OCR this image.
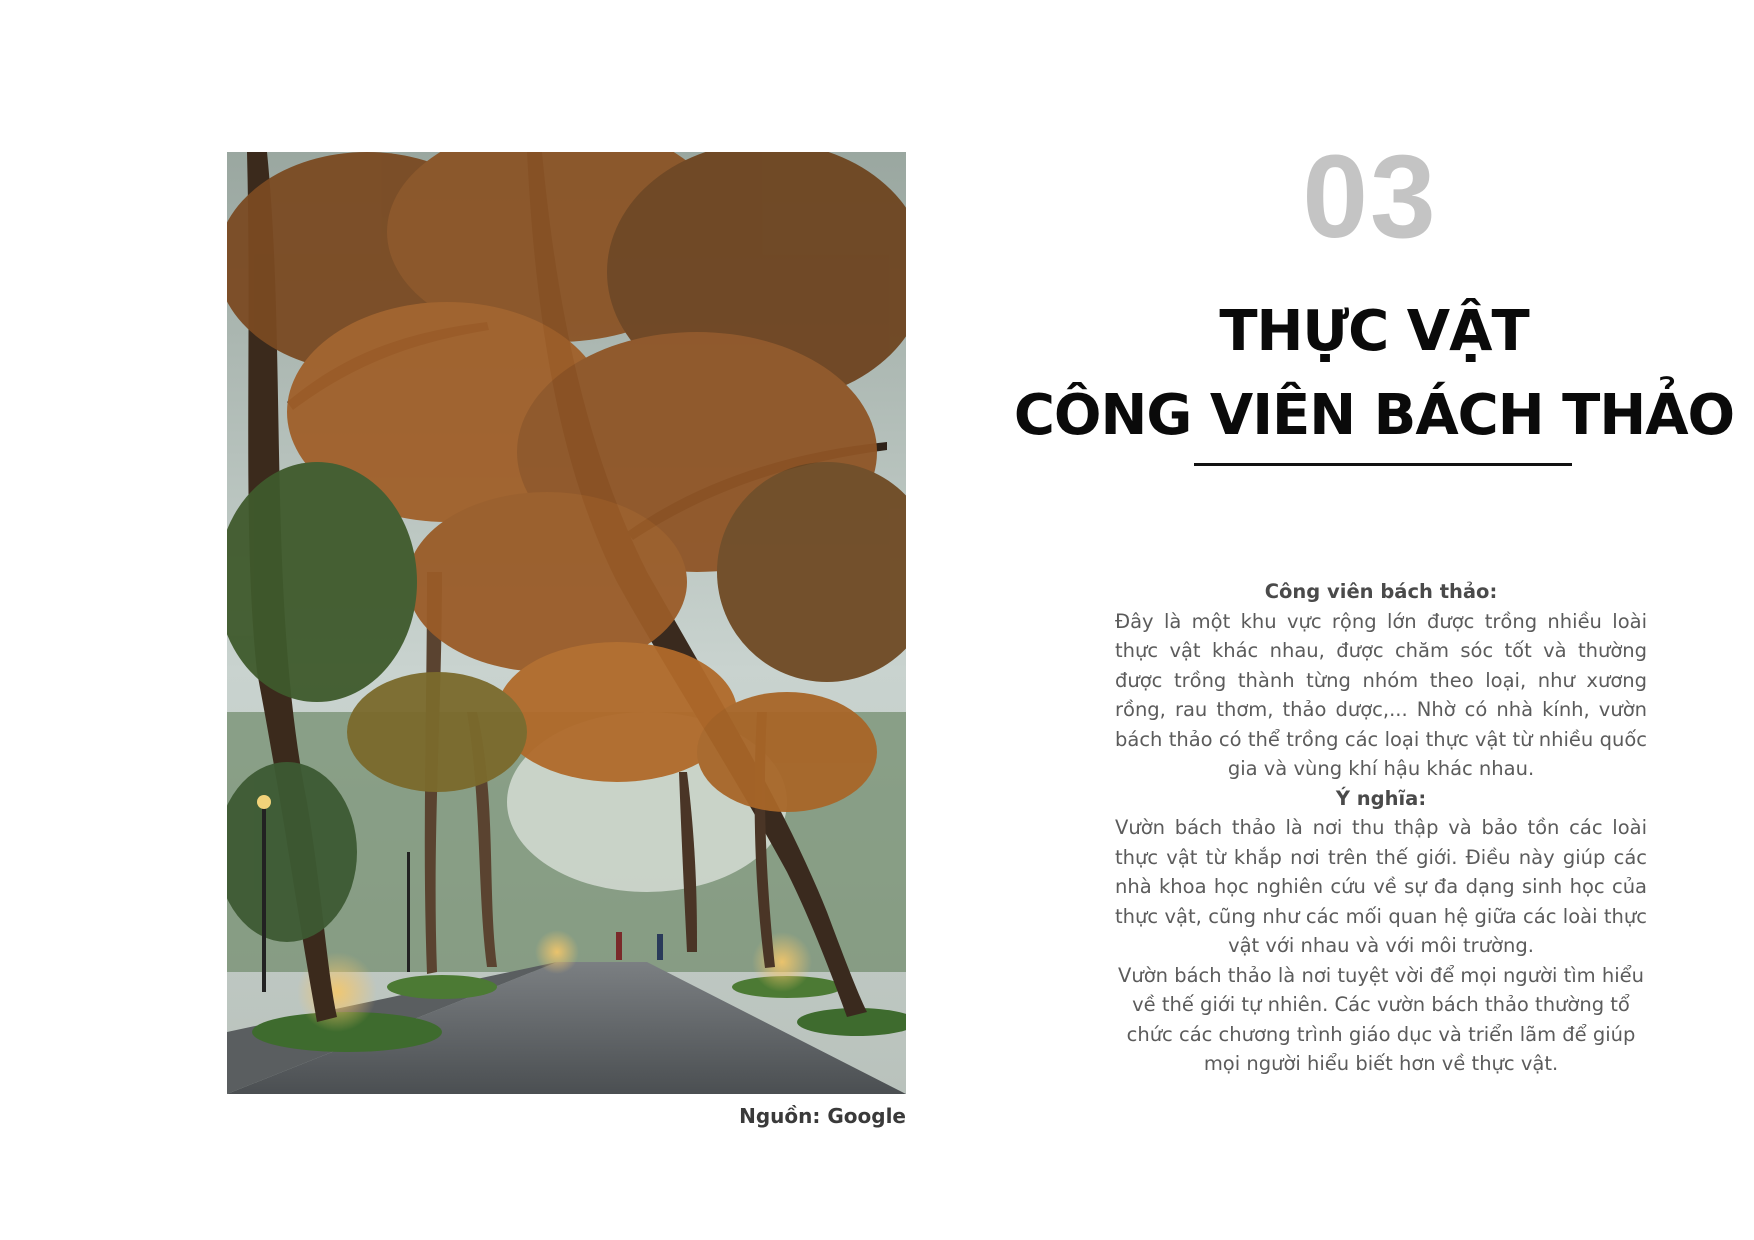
Nguồn: Google
03
THỰC VẬT
CÔNG VIÊN BÁCH THẢO
Công viên bách thảo:
Đây là một khu vực rộng lớn được trồng nhiều loài thực vật khác nhau, được chăm sóc tốt và thường được trồng thành từng nhóm theo loại, như xương rồng, rau thơm, thảo dược,... Nhờ có nhà kính, vườn bách thảo có thể trồng các loại thực vật từ nhiều quốc gia và vùng khí hậu khác nhau.
Ý nghĩa:
Vườn bách thảo là nơi thu thập và bảo tồn các loài thực vật từ khắp nơi trên thế giới. Điều này giúp các nhà khoa học nghiên cứu về sự đa dạng sinh học của thực vật, cũng như các mối quan hệ giữa các loài thực vật với nhau và với môi trường.
Vườn bách thảo là nơi tuyệt vời để mọi người tìm hiểu về thế giới tự nhiên. Các vườn bách thảo thường tổ chức các chương trình giáo dục và triển lãm để giúp mọi người hiểu biết hơn về thực vật.
